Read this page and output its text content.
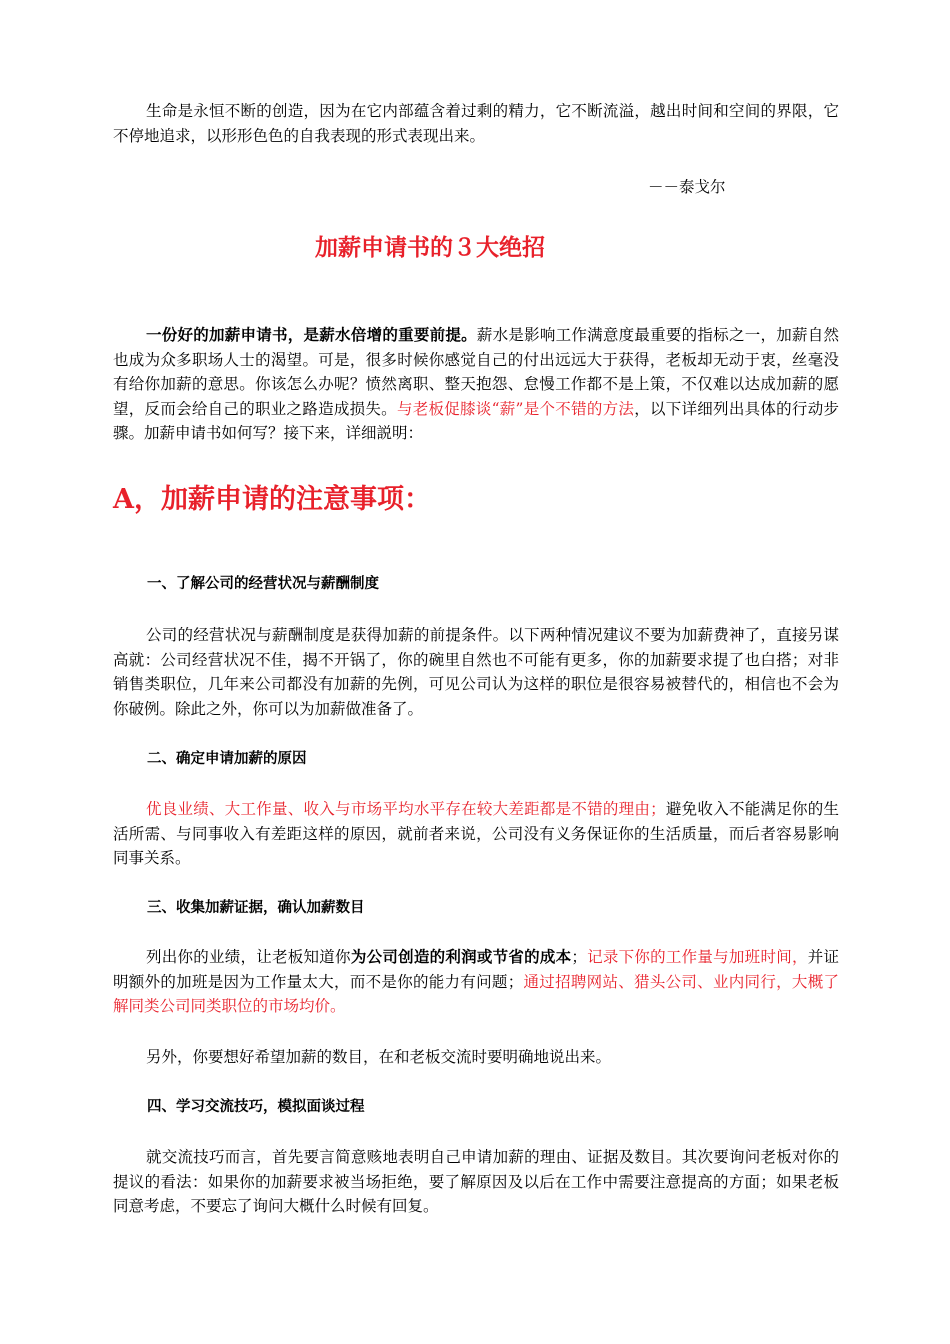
生命是永恒不断的创造，因为在它内部蕴含着过剩的精力，它不断流溢，越出时间和空间的界限，它不停地追求，以形形色色的自我表现的形式表现出来。

－－泰戈尔

加薪申请书的３大绝招

一份好的加薪申请书，是薪水倍增的重要前提。薪水是影响工作满意度最重要的指标之一，加薪自然也成为众多职场人士的渴望。可是，很多时候你感觉自己的付出远远大于获得，老板却无动于衷，丝毫没有给你加薪的意思。你该怎么办呢？愤然离职、整天抱怨、怠慢工作都不是上策，不仅难以达成加薪的愿望，反而会给自己的职业之路造成损失。与老板促膝谈“薪”是个不错的方法，以下详细列出具体的行动步骤。加薪申请书如何写？接下来，详细説明：

A，加薪申请的注意事项：
一、了解公司的经营状况与薪酬制度

公司的经营状况与薪酬制度是获得加薪的前提条件。以下两种情况建议不要为加薪费神了，直接另谋高就：公司经营状况不佳，揭不开锅了，你的碗里自然也不可能有更多，你的加薪要求提了也白搭；对非销售类职位，几年来公司都没有加薪的先例，可见公司认为这样的职位是很容易被替代的，相信也不会为你破例。除此之外，你可以为加薪做准备了。

二、确定申请加薪的原因

优良业绩、大工作量、收入与市场平均水平存在较大差距都是不错的理由；避免收入不能满足你的生活所需、与同事收入有差距这样的原因，就前者来说，公司没有义务保证你的生活质量，而后者容易影响同事关系。

三、收集加薪证据，确认加薪数目

列出你的业绩，让老板知道你为公司创造的利润或节省的成本；记录下你的工作量与加班时间，并证明额外的加班是因为工作量太大，而不是你的能力有问题；通过招聘网站、猎头公司、业内同行，大概了解同类公司同类职位的市场均价。

另外，你要想好希望加薪的数目，在和老板交流时要明确地说出来。

四、学习交流技巧，模拟面谈过程

就交流技巧而言，首先要言简意赅地表明自己申请加薪的理由、证据及数目。其次要询问老板对你的提议的看法：如果你的加薪要求被当场拒绝，要了解原因及以后在工作中需要注意提高的方面；如果老板同意考虑，不要忘了询问大概什么时候有回复。
